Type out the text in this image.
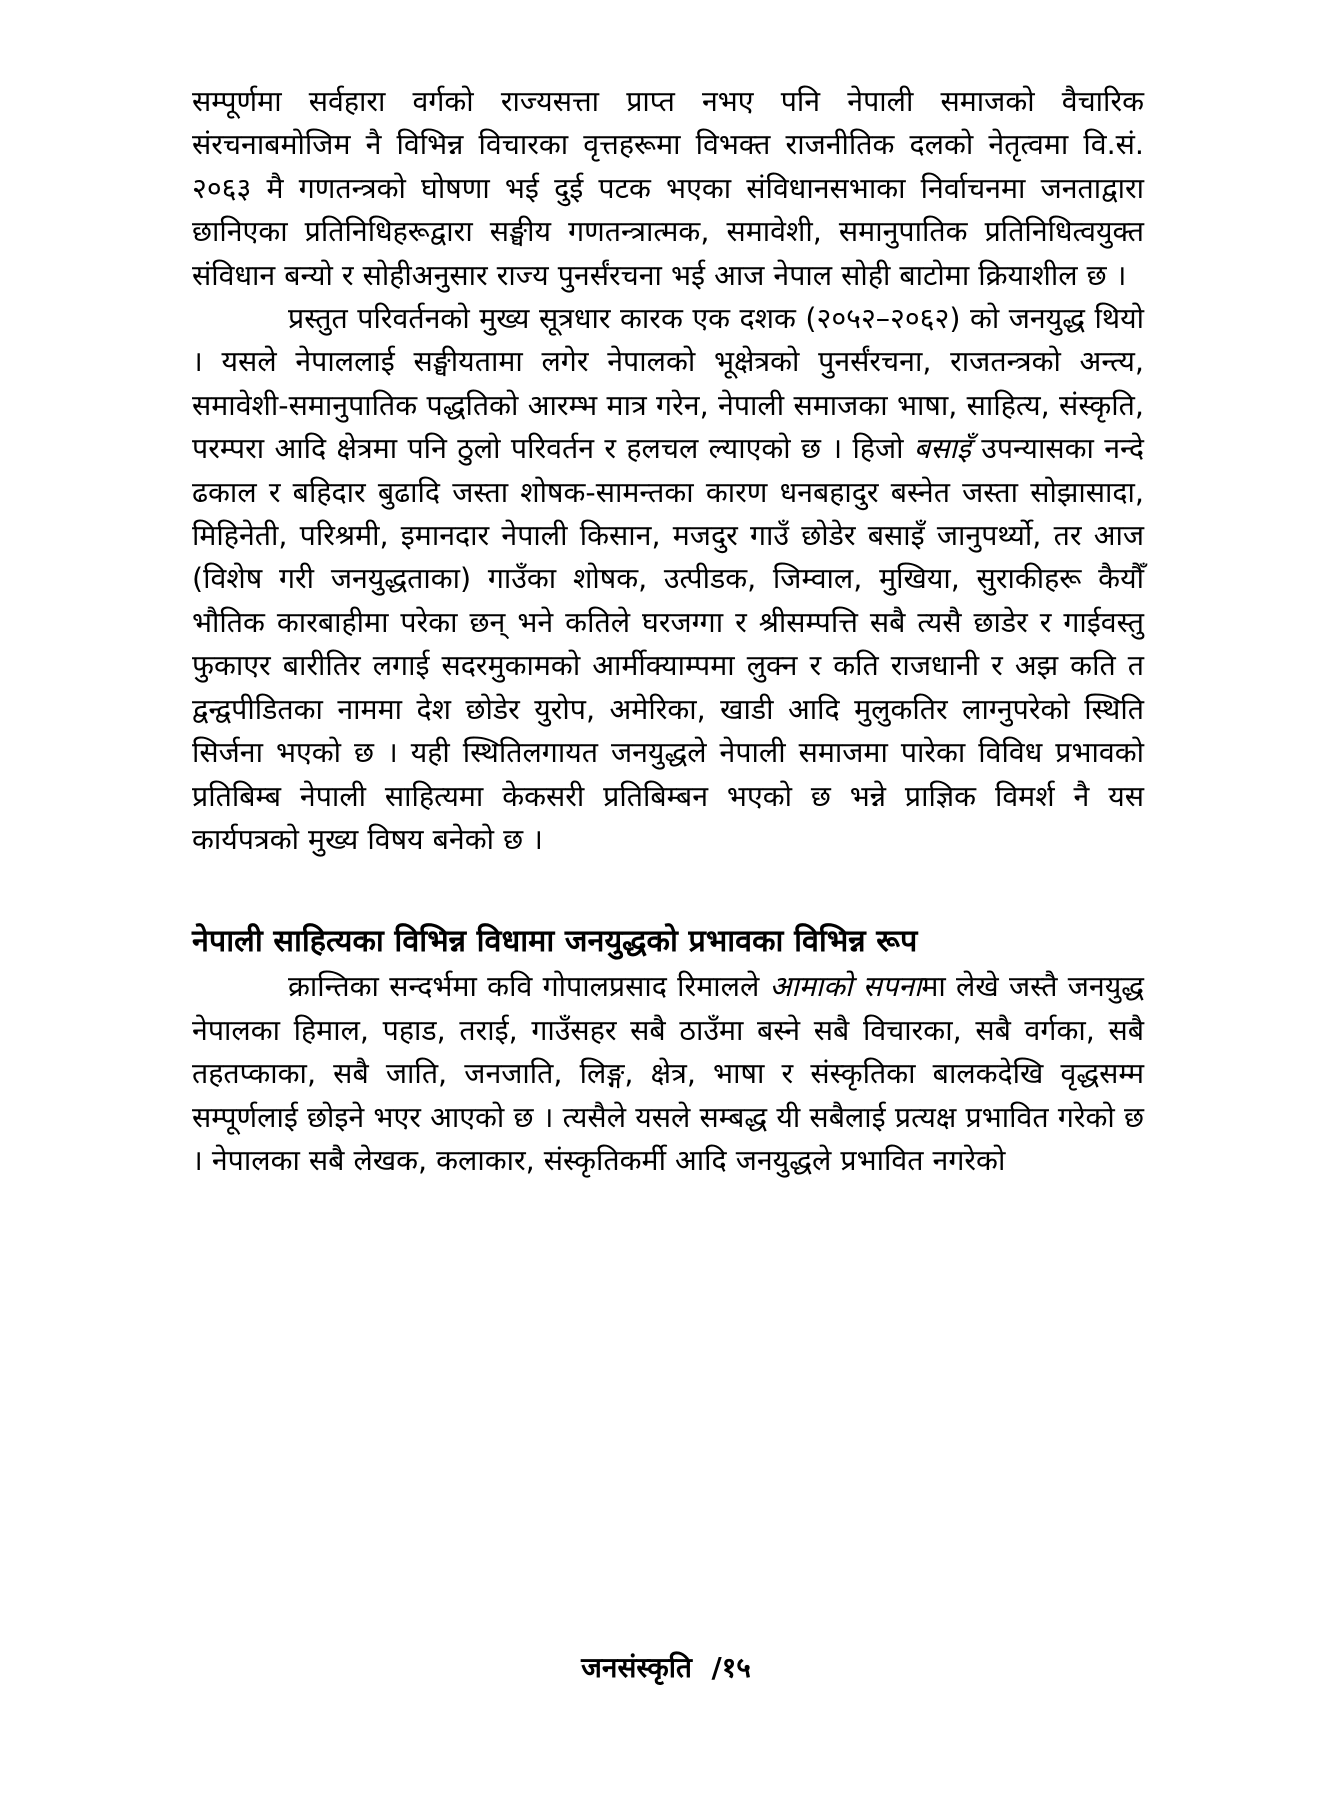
सम्पूर्णमा सर्वहारा वर्गको राज्यसत्ता प्राप्त नभए पनि नेपाली समाजको वैचारिक संरचनाबमोजिम नै विभिन्न विचारका वृत्तहरूमा विभक्त राजनीतिक दलको नेतृत्वमा वि.सं. २०६३ मै गणतन्त्रको घोषणा भई दुई पटक भएका संविधानसभाका निर्वाचनमा जनताद्वारा छानिएका प्रतिनिधिहरूद्वारा सङ्घीय गणतन्त्रात्मक, समावेशी, समानुपातिक प्रतिनिधित्वयुक्त संविधान बन्यो र सोहीअनुसार राज्य पुनर्संरचना भई आज नेपाल सोही बाटोमा क्रियाशील छ ।

प्रस्तुत परिवर्तनको मुख्य सूत्रधार कारक एक दशक (२०५२–२०६२) को जनयुद्ध थियो । यसले नेपाललाई सङ्घीयतामा लगेर नेपालको भूक्षेत्रको पुनर्संरचना, राजतन्त्रको अन्त्य, समावेशी-समानुपातिक पद्धतिको आरम्भ मात्र गरेन, नेपाली समाजका भाषा, साहित्य, संस्कृति, परम्परा आदि क्षेत्रमा पनि ठुलो परिवर्तन र हलचल ल्याएको छ । हिजो बसाइँ उपन्यासका नन्दे ढकाल र बहिदार बुढादि जस्ता शोषक-सामन्तका कारण धनबहादुर बस्नेत जस्ता सोझासादा, मिहिनेती, परिश्रमी, इमानदार नेपाली किसान, मजदुर गाउँ छोडेर बसाइँ जानुपर्थ्यो, तर आज (विशेष गरी जनयुद्धताका) गाउँका शोषक, उत्पीडक, जिम्वाल, मुखिया, सुराकीहरू कैयौँ भौतिक कारबाहीमा परेका छन् भने कतिले घरजग्गा र श्रीसम्पत्ति सबै त्यसै छाडेर र गाईवस्तु फुकाएर बारीतिर लगाई सदरमुकामको आर्मीक्याम्पमा लुक्न र कति राजधानी र अझ कति त द्वन्द्वपीडितका नाममा देश छोडेर युरोप, अमेरिका, खाडी आदि मुलुकतिर लाग्नुपरेको स्थिति सिर्जना भएको छ । यही स्थितिलगायत जनयुद्धले नेपाली समाजमा पारेका विविध प्रभावको प्रतिबिम्ब नेपाली साहित्यमा केकसरी प्रतिबिम्बन भएको छ भन्ने प्राज्ञिक विमर्श नै यस कार्यपत्रको मुख्य विषय बनेको छ ।

नेपाली साहित्यका विभिन्न विधामा जनयुद्धको प्रभावका विभिन्न रूप

क्रान्तिका सन्दर्भमा कवि गोपालप्रसाद रिमालले आमाको सपनामा लेखे जस्तै जनयुद्ध नेपालका हिमाल, पहाड, तराई, गाउँसहर सबै ठाउँमा बस्ने सबै विचारका, सबै वर्गका, सबै तहतप्काका, सबै जाति, जनजाति, लिङ्ग, क्षेत्र, भाषा र संस्कृतिका बालकदेखि वृद्धसम्म सम्पूर्णलाई छोइने भएर आएको छ । त्यसैले यसले सम्बद्ध यी सबैलाई प्रत्यक्ष प्रभावित गरेको छ । नेपालका सबै लेखक, कलाकार, संस्कृतिकर्मी आदि जनयुद्धले प्रभावित नगरेको

जनसंस्कृति /१५
